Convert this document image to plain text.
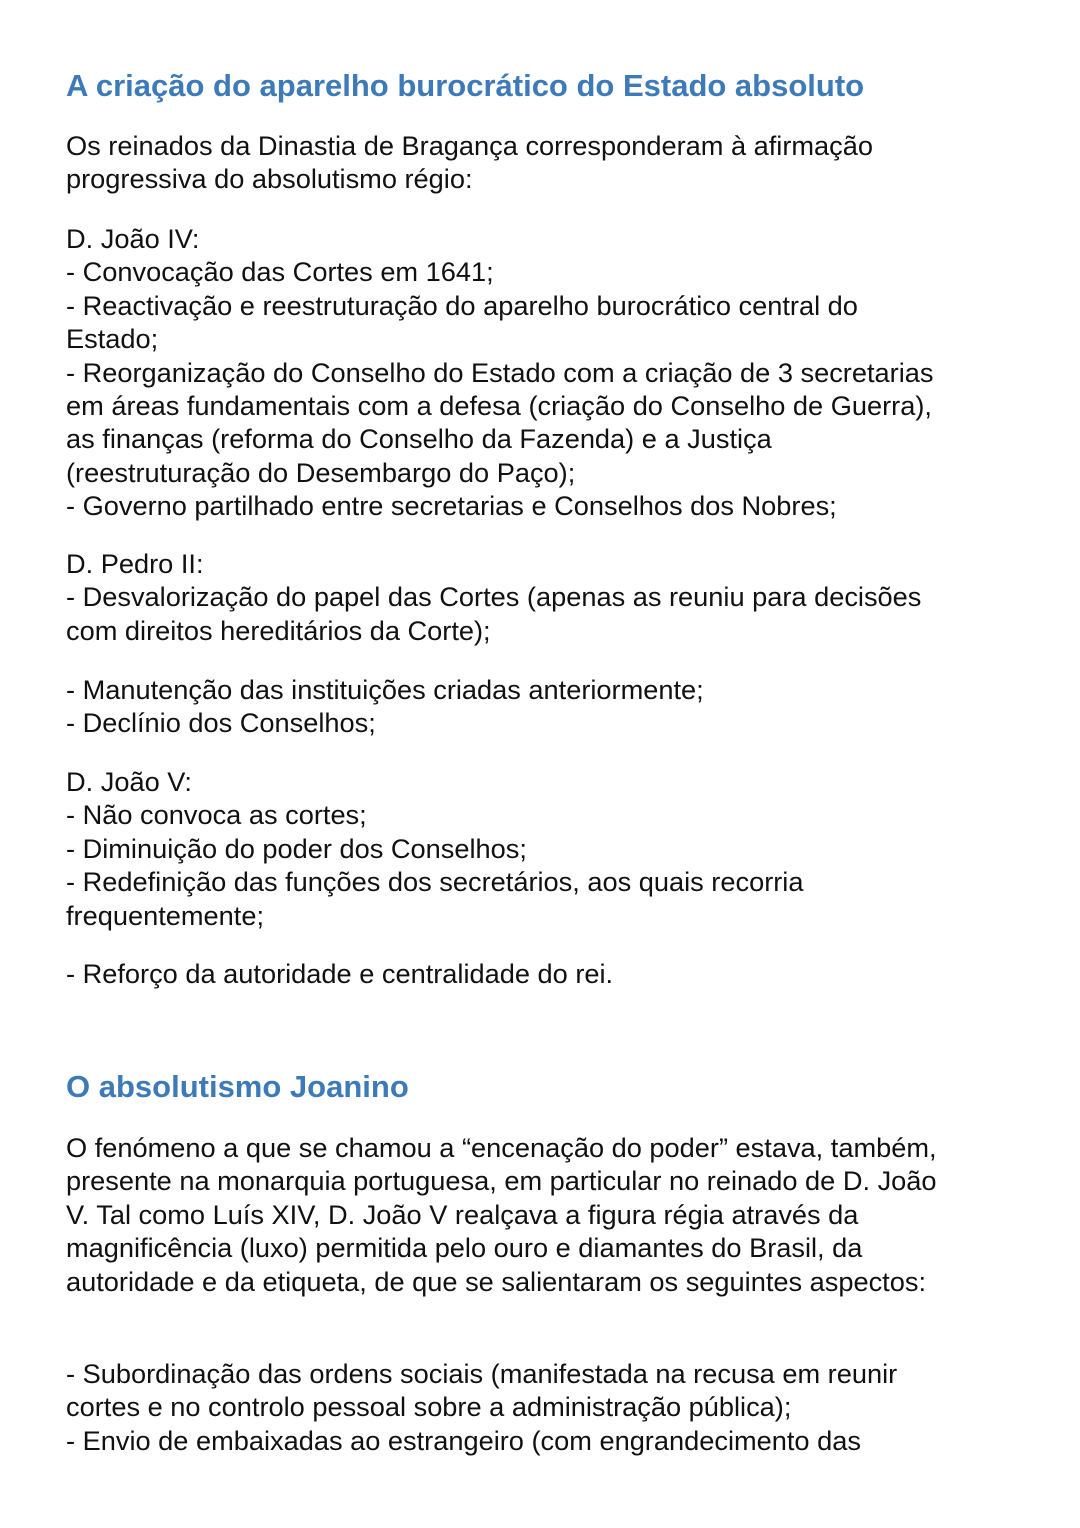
A criação do aparelho burocrático do Estado absoluto
Os reinados da Dinastia de Bragança corresponderam à afirmação
progressiva do absolutismo régio:
D. João IV:
- Convocação das Cortes em 1641;
- Reactivação e reestruturação do aparelho burocrático central do
Estado;
- Reorganização do Conselho do Estado com a criação de 3 secretarias
em áreas fundamentais com a defesa (criação do Conselho de Guerra),
as finanças (reforma do Conselho da Fazenda) e a Justiça
(reestruturação do Desembargo do Paço);
- Governo partilhado entre secretarias e Conselhos dos Nobres;
D. Pedro II:
- Desvalorização do papel das Cortes (apenas as reuniu para decisões
com direitos hereditários da Corte);
- Manutenção das instituições criadas anteriormente;
- Declínio dos Conselhos;
D. João V:
- Não convoca as cortes;
- Diminuição do poder dos Conselhos;
- Redefinição das funções dos secretários, aos quais recorria
frequentemente;
- Reforço da autoridade e centralidade do rei.
O absolutismo Joanino
O fenómeno a que se chamou a “encenação do poder” estava, também,
presente na monarquia portuguesa, em particular no reinado de D. João
V. Tal como Luís XIV, D. João V realçava a figura régia através da
magnificência (luxo) permitida pelo ouro e diamantes do Brasil, da
autoridade e da etiqueta, de que se salientaram os seguintes aspectos:
- Subordinação das ordens sociais (manifestada na recusa em reunir
cortes e no controlo pessoal sobre a administração pública);
- Envio de embaixadas ao estrangeiro (com engrandecimento das
